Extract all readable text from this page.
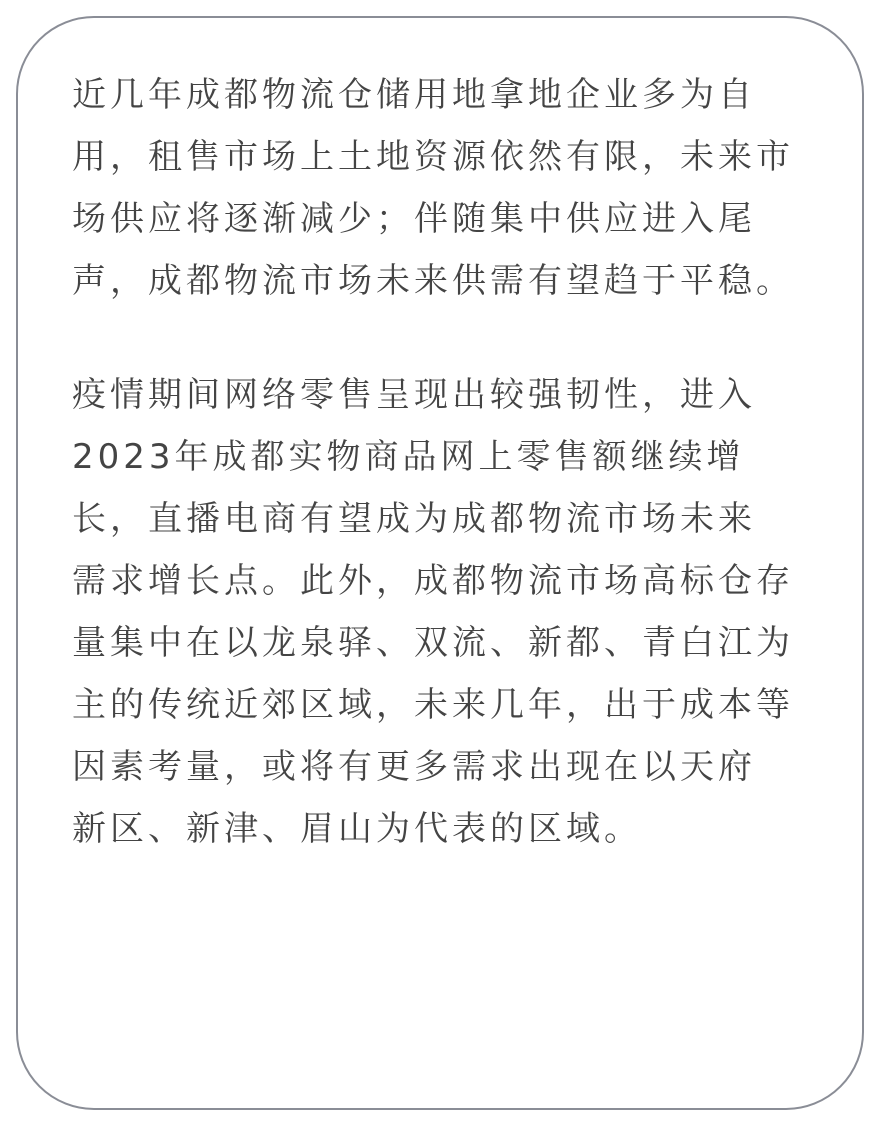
近几年成都物流仓储用地拿地企业多为自
用，租售市场上土地资源依然有限，未来市
场供应将逐渐减少；伴随集中供应进入尾
声，成都物流市场未来供需有望趋于平稳。

疫情期间网络零售呈现出较强韧性，进入
2023年成都实物商品网上零售额继续增
长，直播电商有望成为成都物流市场未来
需求增长点。此外，成都物流市场高标仓存
量集中在以龙泉驿、双流、新都、青白江为
主的传统近郊区域，未来几年，出于成本等
因素考量，或将有更多需求出现在以天府
新区、新津、眉山为代表的区域。
